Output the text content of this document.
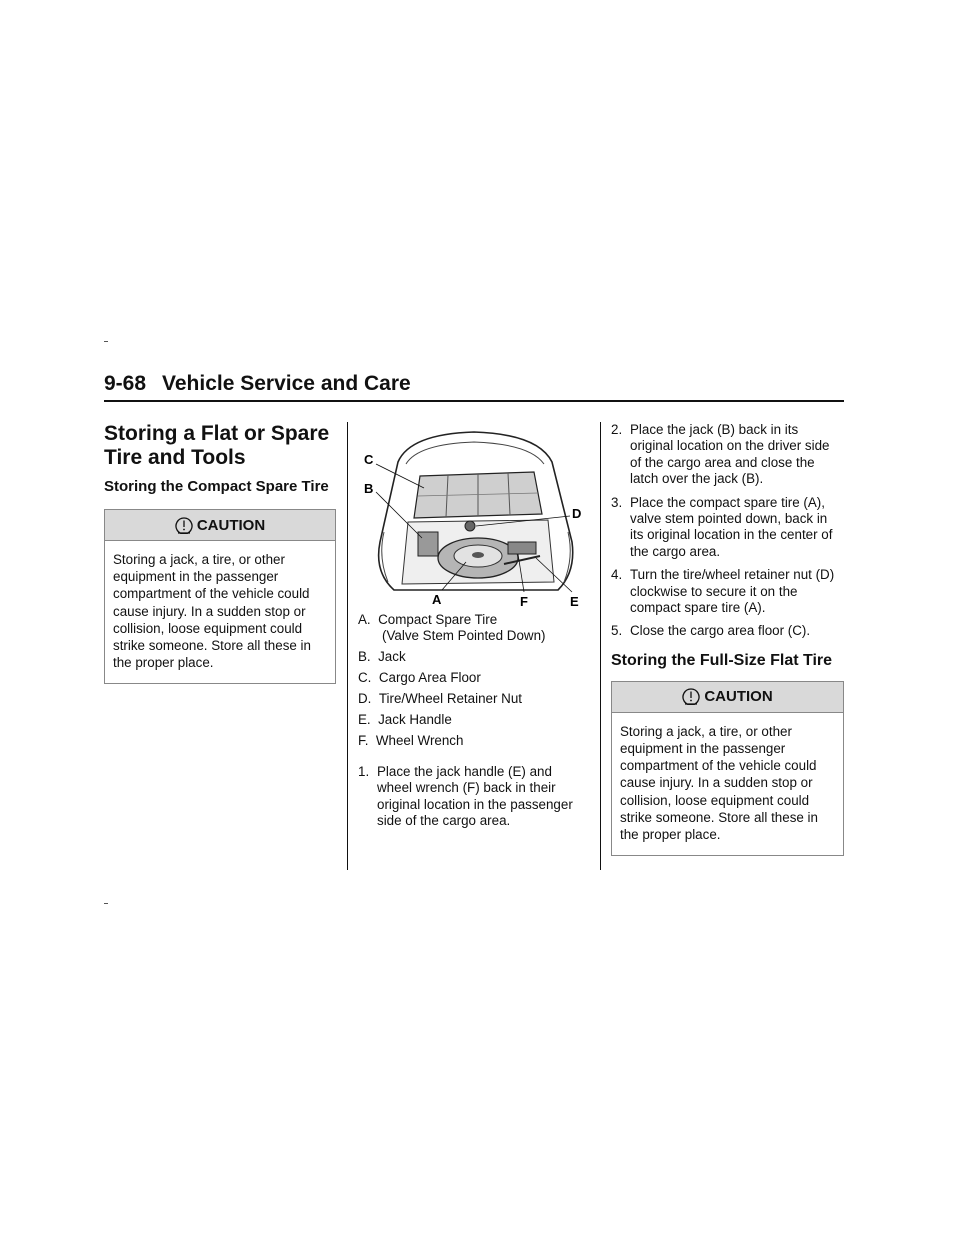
9-68 Vehicle Service and Care
Storing a Flat or Spare Tire and Tools
Storing the Compact Spare Tire
CAUTION
Storing a jack, a tire, or other equipment in the passenger compartment of the vehicle could cause injury. In a sudden stop or collision, loose equipment could strike someone. Store all these in the proper place.
C
B
D
A	F	E

A. Compact Spare Tire
(Valve Stem Pointed Down)

B. Jack

C. Cargo Area Floor

D. Tire/Wheel Retainer Nut

E. Jack Handle

F. Wheel Wrench

1. Place the jack handle (E) and wheel wrench (F) back in their original location in the passenger side of the cargo area.
2. Place the jack (B) back in its original location on the driver side of the cargo area and close the latch over the jack (B).
3. Place the compact spare tire (A), valve stem pointed down, back in its original location in the center of the cargo area.
4. Turn the tire/wheel retainer nut (D) clockwise to secure it on the compact spare tire (A).
5. Close the cargo area floor (C).
Storing the Full-Size Flat Tire
CAUTION
Storing a jack, a tire, or other equipment in the passenger compartment of the vehicle could cause injury. In a sudden stop or collision, loose equipment could strike someone. Store all these in the proper place.
